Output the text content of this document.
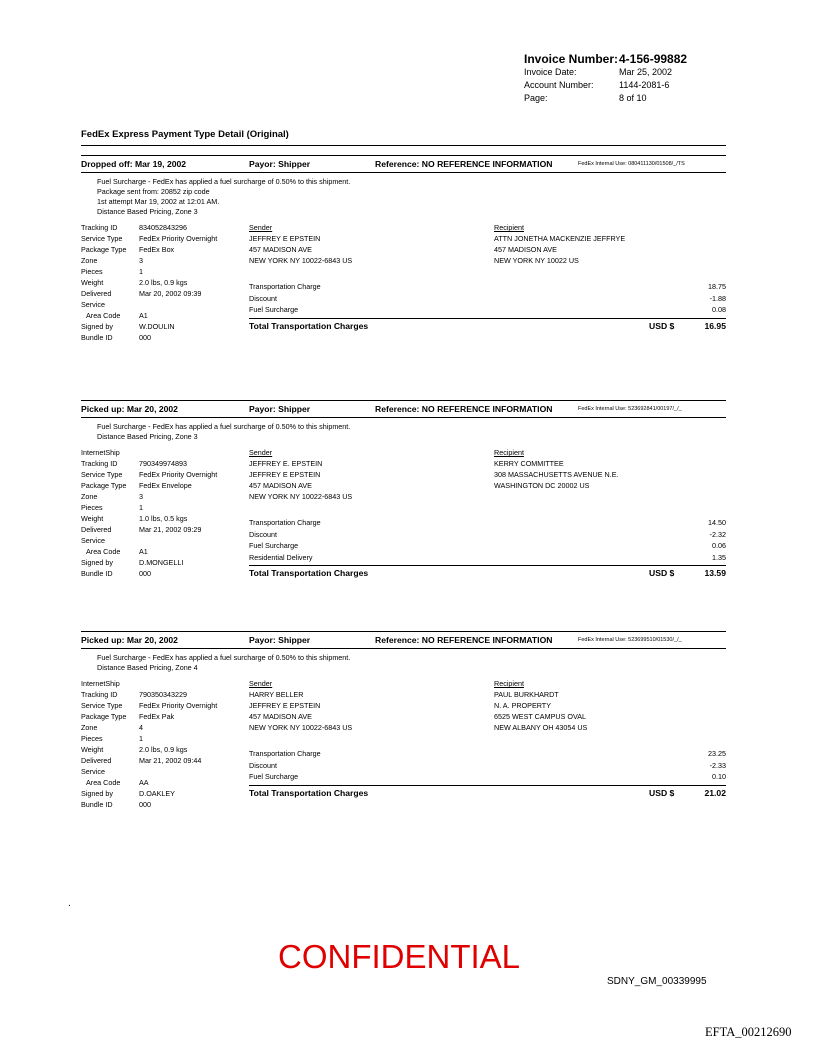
Invoice Number: 4-156-99882
Invoice Date:	Mar 25, 2002
Account Number:	1144-2081-6
Page:	8 of 10
FedEx Express Payment Type Detail (Original)
Dropped off: Mar 19, 2002	Payor: Shipper	Reference: NO REFERENCE INFORMATION	FedEx Internal Use: 080411130/01508/_/TS
Fuel Surcharge - FedEx has applied a fuel surcharge of 0.50% to this shipment.
Package sent from: 20852 zip code
1st attempt Mar 19, 2002 at 12:01 AM.
Distance Based Pricing, Zone 3
Tracking ID	834052843296
Service Type	FedEx Priority Overnight
Package Type	FedEx Box
Zone	3
Pieces	1
Weight	2.0 lbs, 0.9 kgs
Delivered	Mar 20, 2002 09:39
Service
Area Code	A1
Signed by	W.DOULIN
Bundle ID	000
Sender
JEFFREY E EPSTEIN
457 MADISON AVE
NEW YORK NY 10022-6843 US
Recipient
ATTN JONETHA MACKENZIE JEFFRYE
457 MADISON AVE
NEW YORK NY 10022 US
Transportation Charge	18.75
Discount	-1.88
Fuel Surcharge	0.08
Total Transportation Charges	USD $	16.95
Picked up: Mar 20, 2002	Payor: Shipper	Reference: NO REFERENCE INFORMATION	FedEx Internal Use: 523692841/00197/_/_
Fuel Surcharge - FedEx has applied a fuel surcharge of 0.50% to this shipment.
Distance Based Pricing, Zone 3
InternetShip
Tracking ID	790349974893
Service Type	FedEx Priority Overnight
Package Type	FedEx Envelope
Zone	3
Pieces	1
Weight	1.0 lbs, 0.5 kgs
Delivered	Mar 21, 2002 09:29
Service
Area Code	A1
Signed by	D.MONGELLI
Bundle ID	000
Sender
JEFFREY E. EPSTEIN
JEFFREY E EPSTEIN
457 MADISON AVE
NEW YORK NY 10022-6843 US
Recipient
KERRY COMMITTEE
308 MASSACHUSETTS AVENUE N.E.
WASHINGTON DC 20002 US
Transportation Charge	14.50
Discount	-2.32
Fuel Surcharge	0.06
Residential Delivery	1.35
Total Transportation Charges	USD $	13.59
Picked up: Mar 20, 2002	Payor: Shipper	Reference: NO REFERENCE INFORMATION	FedEx Internal Use: 523699510/01530/_/_
Fuel Surcharge - FedEx has applied a fuel surcharge of 0.50% to this shipment.
Distance Based Pricing, Zone 4
InternetShip
Tracking ID	790350343229
Service Type	FedEx Priority Overnight
Package Type	FedEx Pak
Zone	4
Pieces	1
Weight	2.0 lbs, 0.9 kgs
Delivered	Mar 21, 2002 09:44
Service
Area Code	AA
Signed by	D.OAKLEY
Bundle ID	000
Sender
HARRY BELLER
JEFFREY E EPSTEIN
457 MADISON AVE
NEW YORK NY 10022-6843 US
Recipient
PAUL BURKHARDT
N. A. PROPERTY
6525 WEST CAMPUS OVAL
NEW ALBANY OH 43054 US
Transportation Charge	23.25
Discount	-2.33
Fuel Surcharge	0.10
Total Transportation Charges	USD $	21.02
.
CONFIDENTIAL
SDNY_GM_00339995
EFTA_00212690
